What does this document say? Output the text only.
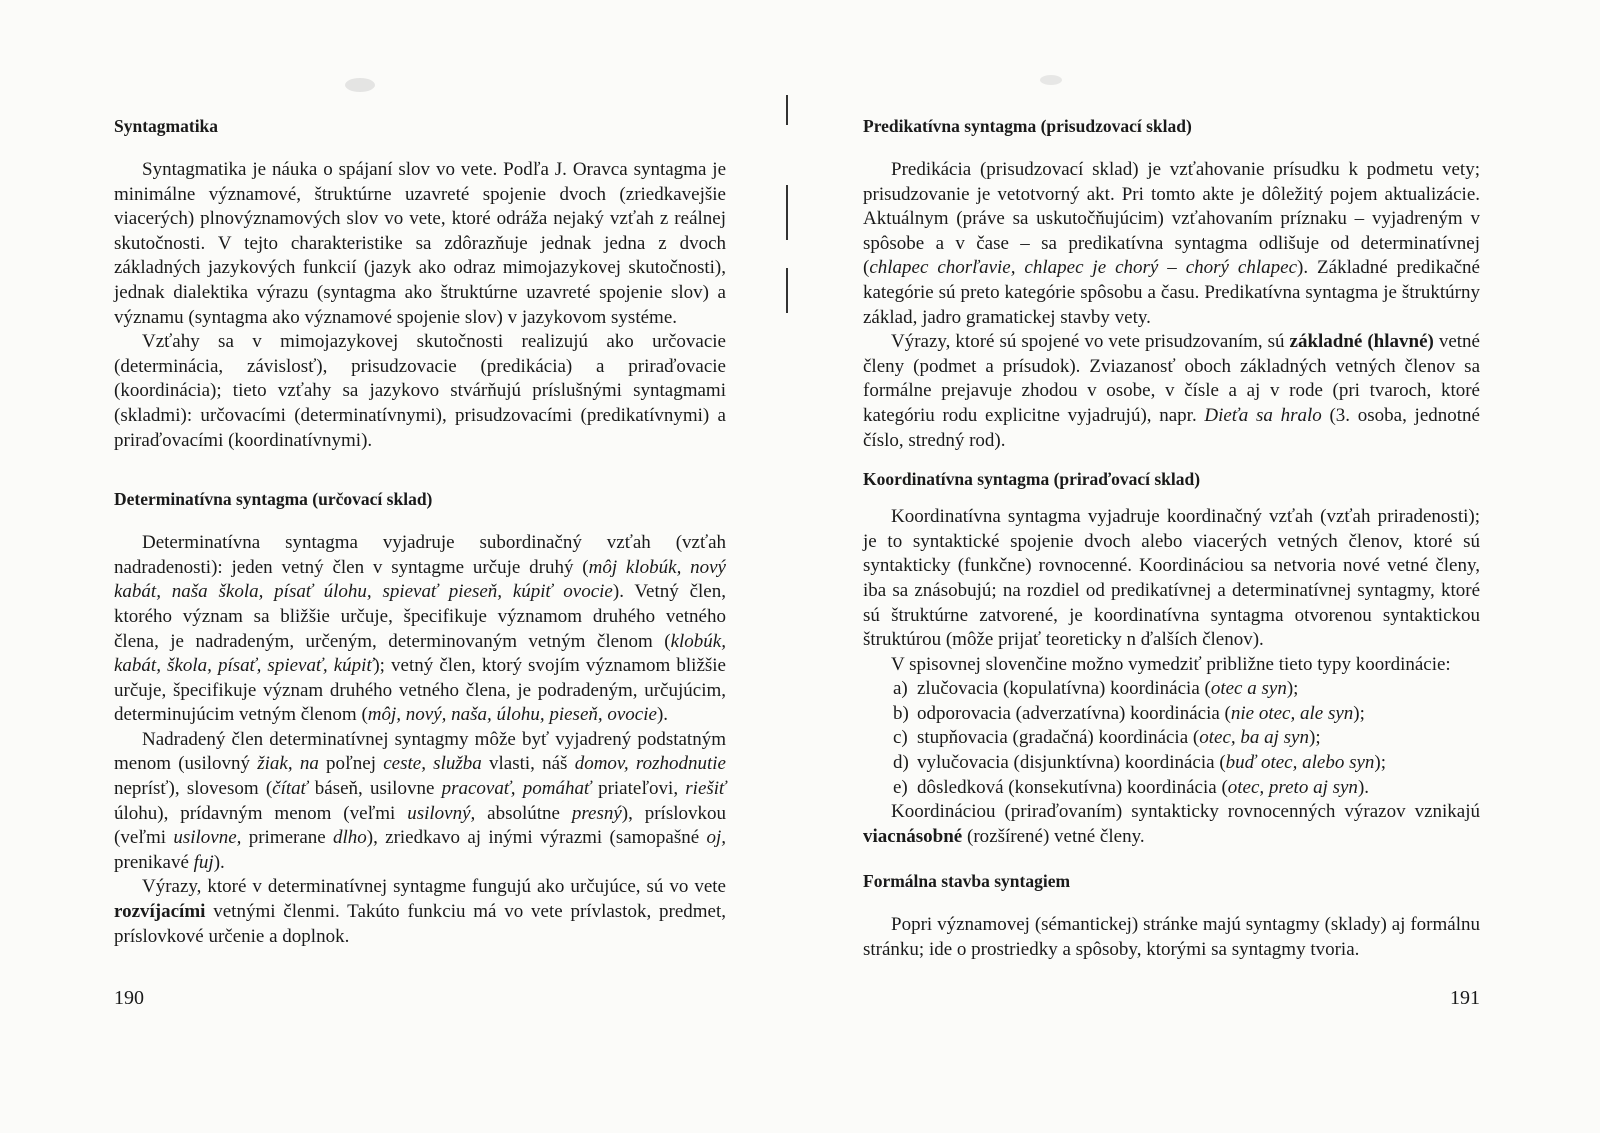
Syntagmatika

Syntagmatika je náuka o spájaní slov vo vete. Podľa J. Oravca syntagma je minimálne významové, štruktúrne uzavreté spojenie dvoch (zriedkavejšie viacerých) plnovýznamových slov vo vete, ktoré odráža nejaký vzťah z reálnej skutočnosti. V tejto charakteristike sa zdôrazňuje jednak jedna z dvoch základných jazykových funkcií (jazyk ako odraz mimojazykovej skutočnosti), jednak dialektika výrazu (syntagma ako štruktúrne uzavreté spojenie slov) a významu (syntagma ako významové spojenie slov) v jazykovom systéme.

Vzťahy sa v mimojazykovej skutočnosti realizujú ako určovacie (determinácia, závislosť), prisudzovacie (predikácia) a priraďovacie (koordinácia); tieto vzťahy sa jazykovo stvárňujú príslušnými syntagmami (skladmi): určovacími (determinatívnymi), prisudzovacími (predikatívnymi) a priraďovacími (koordinatívnymi).

Determinatívna syntagma (určovací sklad)

Determinatívna syntagma vyjadruje subordinačný vzťah (vzťah nadradenosti): jeden vetný člen v syntagme určuje druhý (môj klobúk, nový kabát, naša škola, písať úlohu, spievať pieseň, kúpiť ovocie). Vetný člen, ktorého význam sa bližšie určuje, špecifikuje významom druhého vetného člena, je nadradeným, určeným, determinovaným vetným členom (klobúk, kabát, škola, písať, spievať, kúpiť); vetný člen, ktorý svojím významom bližšie určuje, špecifikuje význam druhého vetného člena, je podradeným, určujúcim, determinujúcim vetným členom (môj, nový, naša, úlohu, pieseň, ovocie).

Nadradený člen determinatívnej syntagmy môže byť vyjadrený podstatným menom (usilovný žiak, na poľnej ceste, služba vlasti, náš domov, rozhodnutie neprísť), slovesom (čítať báseň, usilovne pracovať, pomáhať priateľovi, riešiť úlohu), prídavným menom (veľmi usilovný, absolútne presný), príslovkou (veľmi usilovne, primerane dlho), zriedkavo aj inými výrazmi (samopašné oj, prenikavé fuj).

Výrazy, ktoré v determinatívnej syntagme fungujú ako určujúce, sú vo vete rozvíjacími vetnými členmi. Takúto funkciu má vo vete prívlastok, predmet, príslovkové určenie a doplnok.

190
Predikatívna syntagma (prisudzovací sklad)

Predikácia (prisudzovací sklad) je vzťahovanie prísudku k podmetu vety; prisudzovanie je vetotvorný akt. Pri tomto akte je dôležitý pojem aktualizácie. Aktuálnym (práve sa uskutočňujúcim) vzťahovaním príznaku – vyjadreným v spôsobe a v čase – sa predikatívna syntagma odlišuje od determinatívnej (chlapec chorľavie, chlapec je chorý – chorý chlapec). Základné predikačné kategórie sú preto kategórie spôsobu a času. Predikatívna syntagma je štruktúrny základ, jadro gramatickej stavby vety.

Výrazy, ktoré sú spojené vo vete prisudzovaním, sú základné (hlavné) vetné členy (podmet a prísudok). Zviazanosť oboch základných vetných členov sa formálne prejavuje zhodou v osobe, v čísle a aj v rode (pri tvaroch, ktoré kategóriu rodu explicitne vyjadrujú), napr. Dieťa sa hralo (3. osoba, jednotné číslo, stredný rod).

Koordinatívna syntagma (priraďovací sklad)

Koordinatívna syntagma vyjadruje koordinačný vzťah (vzťah priradenosti); je to syntaktické spojenie dvoch alebo viacerých vetných členov, ktoré sú syntakticky (funkčne) rovnocenné. Koordináciou sa netvoria nové vetné členy, iba sa znásobujú; na rozdiel od predikatívnej a determinatívnej syntagmy, ktoré sú štruktúrne zatvorené, je koordinatívna syntagma otvorenou syntaktickou štruktúrou (môže prijať teoreticky n ďalších členov).

V spisovnej slovenčine možno vymedziť približne tieto typy koordinácie:

a) zlučovacia (kopulatívna) koordinácia (otec a syn);
b) odporovacia (adverzatívna) koordinácia (nie otec, ale syn);
c) stupňovacia (gradačná) koordinácia (otec, ba aj syn);
d) vylučovacia (disjunktívna) koordinácia (buď otec, alebo syn);
e) dôsledková (konsekutívna) koordinácia (otec, preto aj syn).

Koordináciou (priraďovaním) syntakticky rovnocenných výrazov vznikajú viacnásobné (rozšírené) vetné členy.

Formálna stavba syntagiem

Popri významovej (sémantickej) stránke majú syntagmy (sklady) aj formálnu stránku; ide o prostriedky a spôsoby, ktorými sa syntagmy tvoria.

191
